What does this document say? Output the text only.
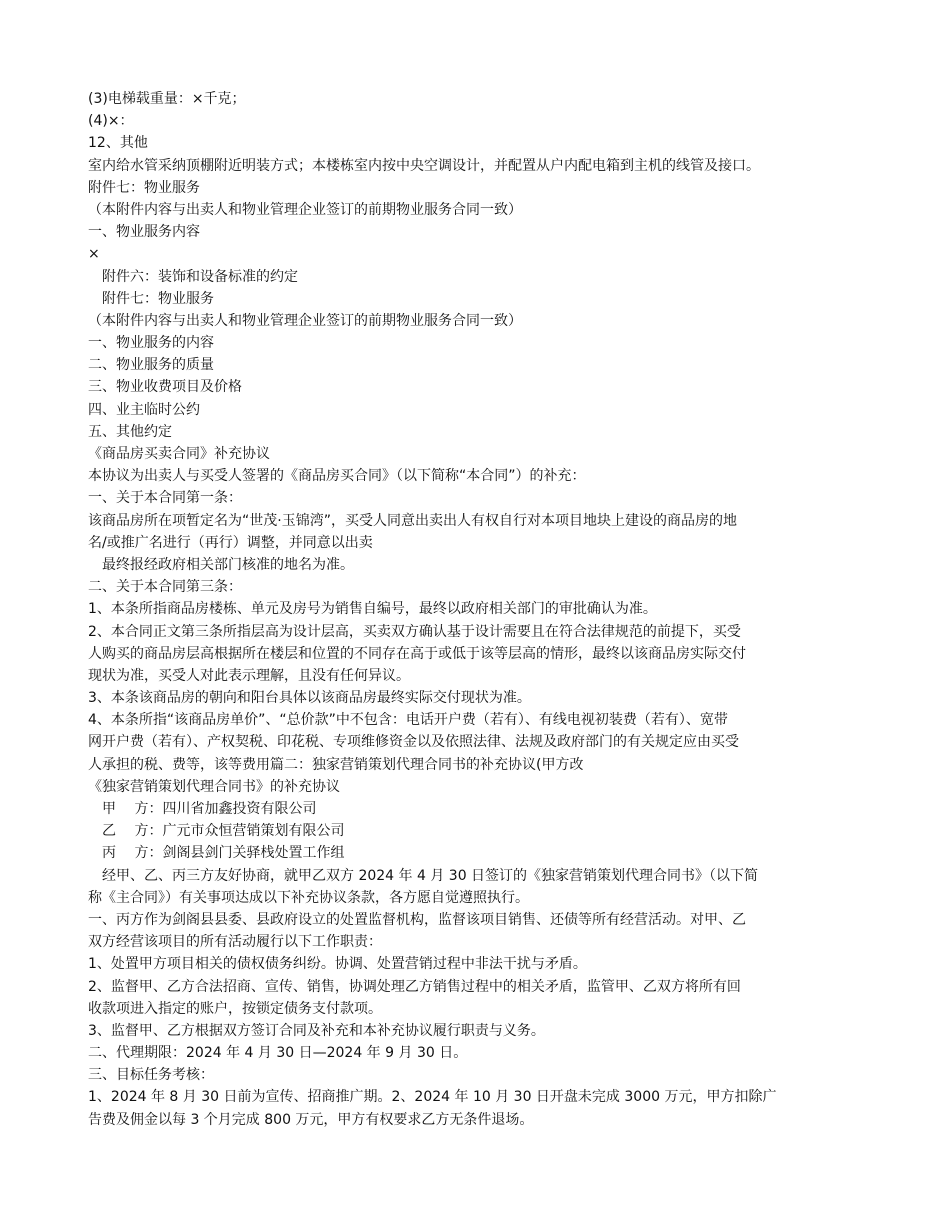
(3)电梯载重量：×千克；
(4)×：
12、其他
室内给水管采纳顶棚附近明装方式；本楼栋室内按中央空调设计，并配置从户内配电箱到主机的线管及接口。
附件七：物业服务
（本附件内容与出卖人和物业管理企业签订的前期物业服务合同一致）
一、物业服务内容
×
　附件六：装饰和设备标准的约定
　附件七：物业服务
（本附件内容与出卖人和物业管理企业签订的前期物业服务合同一致）
一、物业服务的内容
二、物业服务的质量
三、物业收费项目及价格
四、业主临时公约
五、其他约定
《商品房买卖合同》补充协议
本协议为出卖人与买受人签署的《商品房买合同》（以下简称“本合同”）的补充：
一、关于本合同第一条：
该商品房所在项暂定名为“世茂·玉锦湾”，买受人同意出卖出人有权自行对本项目地块上建设的商品房的地
名/或推广名进行（再行）调整，并同意以出卖
　最终报经政府相关部门核准的地名为准。
二、关于本合同第三条：
1、本条所指商品房楼栋、单元及房号为销售自编号，最终以政府相关部门的审批确认为准。
2、本合同正文第三条所指层高为设计层高，买卖双方确认基于设计需要且在符合法律规范的前提下，买受
人购买的商品房层高根据所在楼层和位置的不同存在高于或低于该等层高的情形，最终以该商品房实际交付
现状为准，买受人对此表示理解，且没有任何异议。
3、本条该商品房的朝向和阳台具体以该商品房最终实际交付现状为准。
4、本条所指“该商品房单价”、“总价款”中不包含：电话开户费（若有）、有线电视初装费（若有）、宽带
网开户费（若有）、产权契税、印花税、专项维修资金以及依照法律、法规及政府部门的有关规定应由买受
人承担的税、费等，该等费用篇二：独家营销策划代理合同书的补充协议(甲方改
《独家营销策划代理合同书》的补充协议
　甲　 方：四川省加鑫投资有限公司
　乙　 方：广元市众恒营销策划有限公司
　丙　 方：剑阁县剑门关驿栈处置工作组
　经甲、乙、丙三方友好协商，就甲乙双方 2024 年 4 月 30 日签订的《独家营销策划代理合同书》（以下简
称《主合同》）有关事项达成以下补充协议条款，各方愿自觉遵照执行。
一、丙方作为剑阁县县委、县政府设立的处置监督机构，监督该项目销售、还债等所有经营活动。对甲、乙
双方经营该项目的所有活动履行以下工作职责：
1、处置甲方项目相关的债权债务纠纷。协调、处置营销过程中非法干扰与矛盾。
2、监督甲、乙方合法招商、宣传、销售，协调处理乙方销售过程中的相关矛盾，监管甲、乙双方将所有回
收款项进入指定的账户，按锁定债务支付款项。
3、监督甲、乙方根据双方签订合同及补充和本补充协议履行职责与义务。
二、代理期限：2024 年 4 月 30 日—2024 年 9 月 30 日。
三、目标任务考核：
1、2024 年 8 月 30 日前为宣传、招商推广期。2、2024 年 10 月 30 日开盘未完成 3000 万元，甲方扣除广
告费及佣金以每 3 个月完成 800 万元，甲方有权要求乙方无条件退场。
